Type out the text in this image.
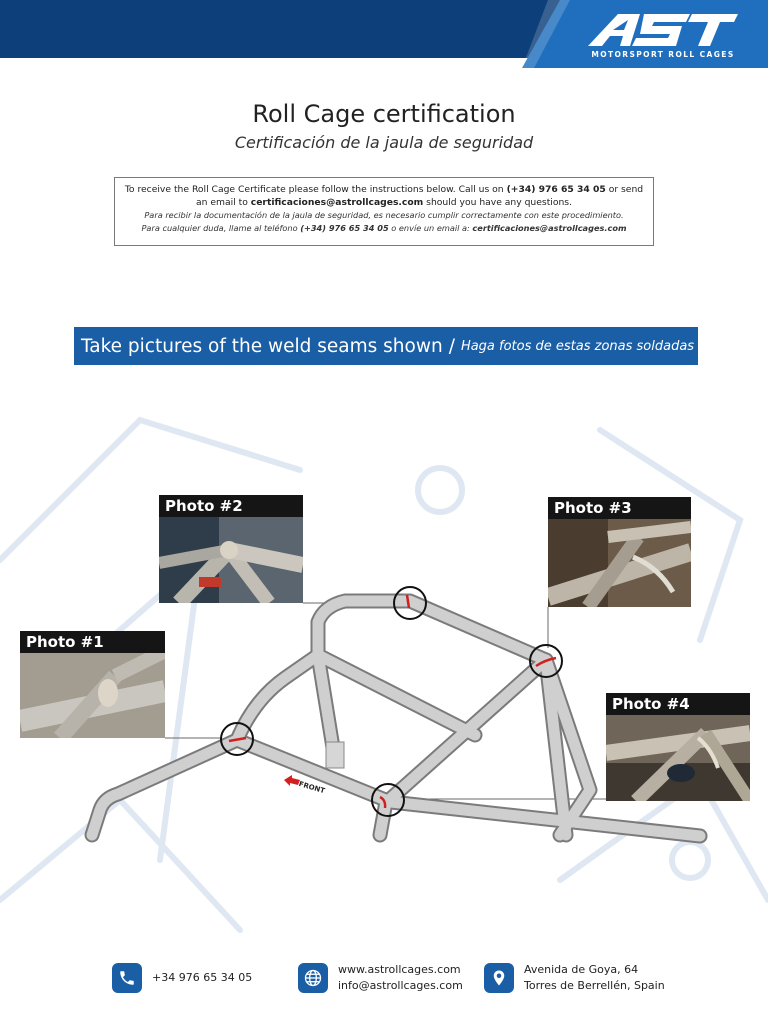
MOTORSPORT ROLL CAGES
Roll Cage certification
Certificación de la jaula de seguridad
To receive the Roll Cage Certificate please follow the instructions below. Call us on (+34) 976 65 34 05 or send
an email to certificaciones@astrollcages.com should you have any questions.
Para recibir la documentación de la jaula de seguridad, es necesario cumplir correctamente con este procedimiento.
Para cualquier duda, llame al teléfono (+34) 976 65 34 05 o envíe un email a: certificaciones@astrollcages.com
Take pictures of the weld seams shown / Haga fotos de estas zonas soldadas
FRONT
Photo #1
Photo #2	Photo #3
Photo #4
+34 976 65 34 05
www.astrollcages.com
info@astrollcages.com
Avenida de Goya, 64
Torres de Berrellén, Spain
